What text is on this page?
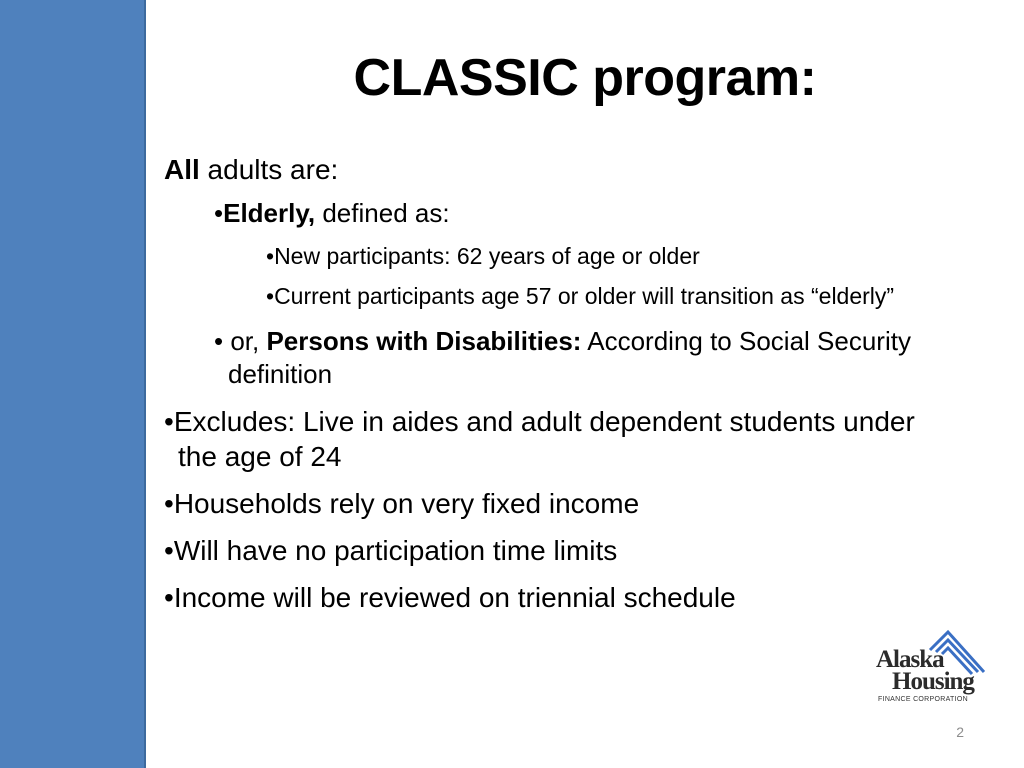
CLASSIC program:
All adults are:
•Elderly, defined as:
•New participants: 62 years of age or older
•Current participants age 57 or older will transition as “elderly”
• or, Persons with Disabilities: According to Social Security definition
•Excludes: Live in aides and adult dependent students under the age of 24
•Households rely on very fixed income
•Will have no participation time limits
•Income will be reviewed on triennial schedule
Alaska
Housing
FINANCE CORPORATION
2
